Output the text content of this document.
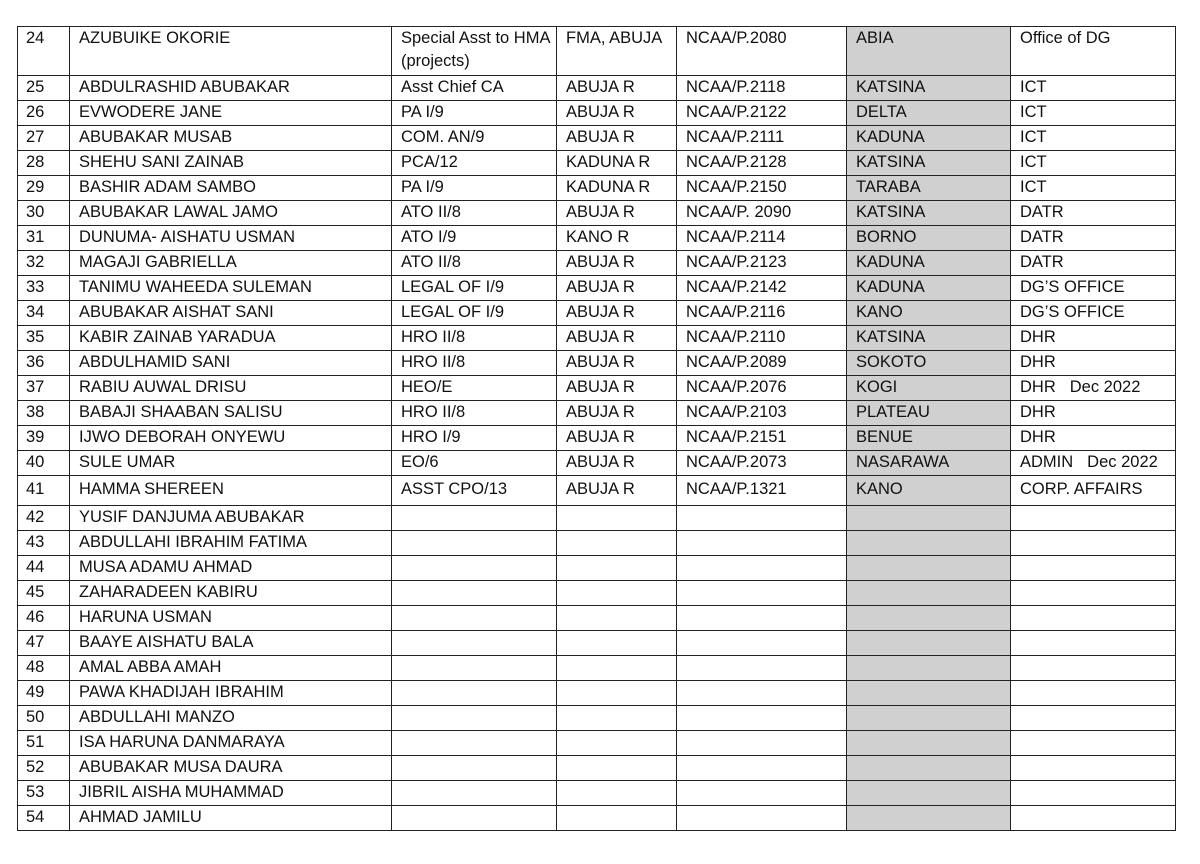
24	AZUBUIKE OKORIE	Special Asst to HMA (projects)	FMA, ABUJA	NCAA/P.2080	ABIA	Office of DG
25	ABDULRASHID ABUBAKAR	Asst Chief CA	ABUJA R	NCAA/P.2118	KATSINA	ICT
26	EVWODERE JANE	PA I/9	ABUJA R	NCAA/P.2122	DELTA	ICT
27	ABUBAKAR MUSAB	COM. AN/9	ABUJA R	NCAA/P.2111	KADUNA	ICT
28	SHEHU SANI ZAINAB	PCA/12	KADUNA R	NCAA/P.2128	KATSINA	ICT
29	BASHIR ADAM SAMBO	PA I/9	KADUNA R	NCAA/P.2150	TARABA	ICT
30	ABUBAKAR LAWAL JAMO	ATO II/8	ABUJA R	NCAA/P. 2090	KATSINA	DATR
31	DUNUMA- AISHATU USMAN	ATO I/9	KANO R	NCAA/P.2114	BORNO	DATR
32	MAGAJI GABRIELLA	ATO II/8	ABUJA R	NCAA/P.2123	KADUNA	DATR
33	TANIMU WAHEEDA SULEMAN	LEGAL OF I/9	ABUJA R	NCAA/P.2142	KADUNA	DG’S OFFICE
34	ABUBAKAR AISHAT SANI	LEGAL OF I/9	ABUJA R	NCAA/P.2116	KANO	DG’S OFFICE
35	KABIR ZAINAB YARADUA	HRO II/8	ABUJA R	NCAA/P.2110	KATSINA	DHR
36	ABDULHAMID SANI	HRO II/8	ABUJA R	NCAA/P.2089	SOKOTO	DHR
37	RABIU AUWAL DRISU	HEO/E	ABUJA R	NCAA/P.2076	KOGI	DHR Dec 2022
38	BABAJI SHAABAN SALISU	HRO II/8	ABUJA R	NCAA/P.2103	PLATEAU	DHR
39	IJWO DEBORAH ONYEWU	HRO I/9	ABUJA R	NCAA/P.2151	BENUE	DHR
40	SULE UMAR	EO/6	ABUJA R	NCAA/P.2073	NASARAWA	ADMIN Dec 2022
41	HAMMA SHEREEN	ASST CPO/13	ABUJA R	NCAA/P.1321	KANO	CORP. AFFAIRS
42	YUSIF DANJUMA ABUBAKAR					
43	ABDULLAHI IBRAHIM FATIMA					
44	MUSA ADAMU AHMAD					
45	ZAHARADEEN KABIRU					
46	HARUNA USMAN					
47	BAAYE AISHATU BALA					
48	AMAL ABBA AMAH					
49	PAWA KHADIJAH IBRAHIM					
50	ABDULLAHI MANZO					
51	ISA HARUNA DANMARAYA					
52	ABUBAKAR MUSA DAURA					
53	JIBRIL AISHA MUHAMMAD					
54	AHMAD JAMILU					
